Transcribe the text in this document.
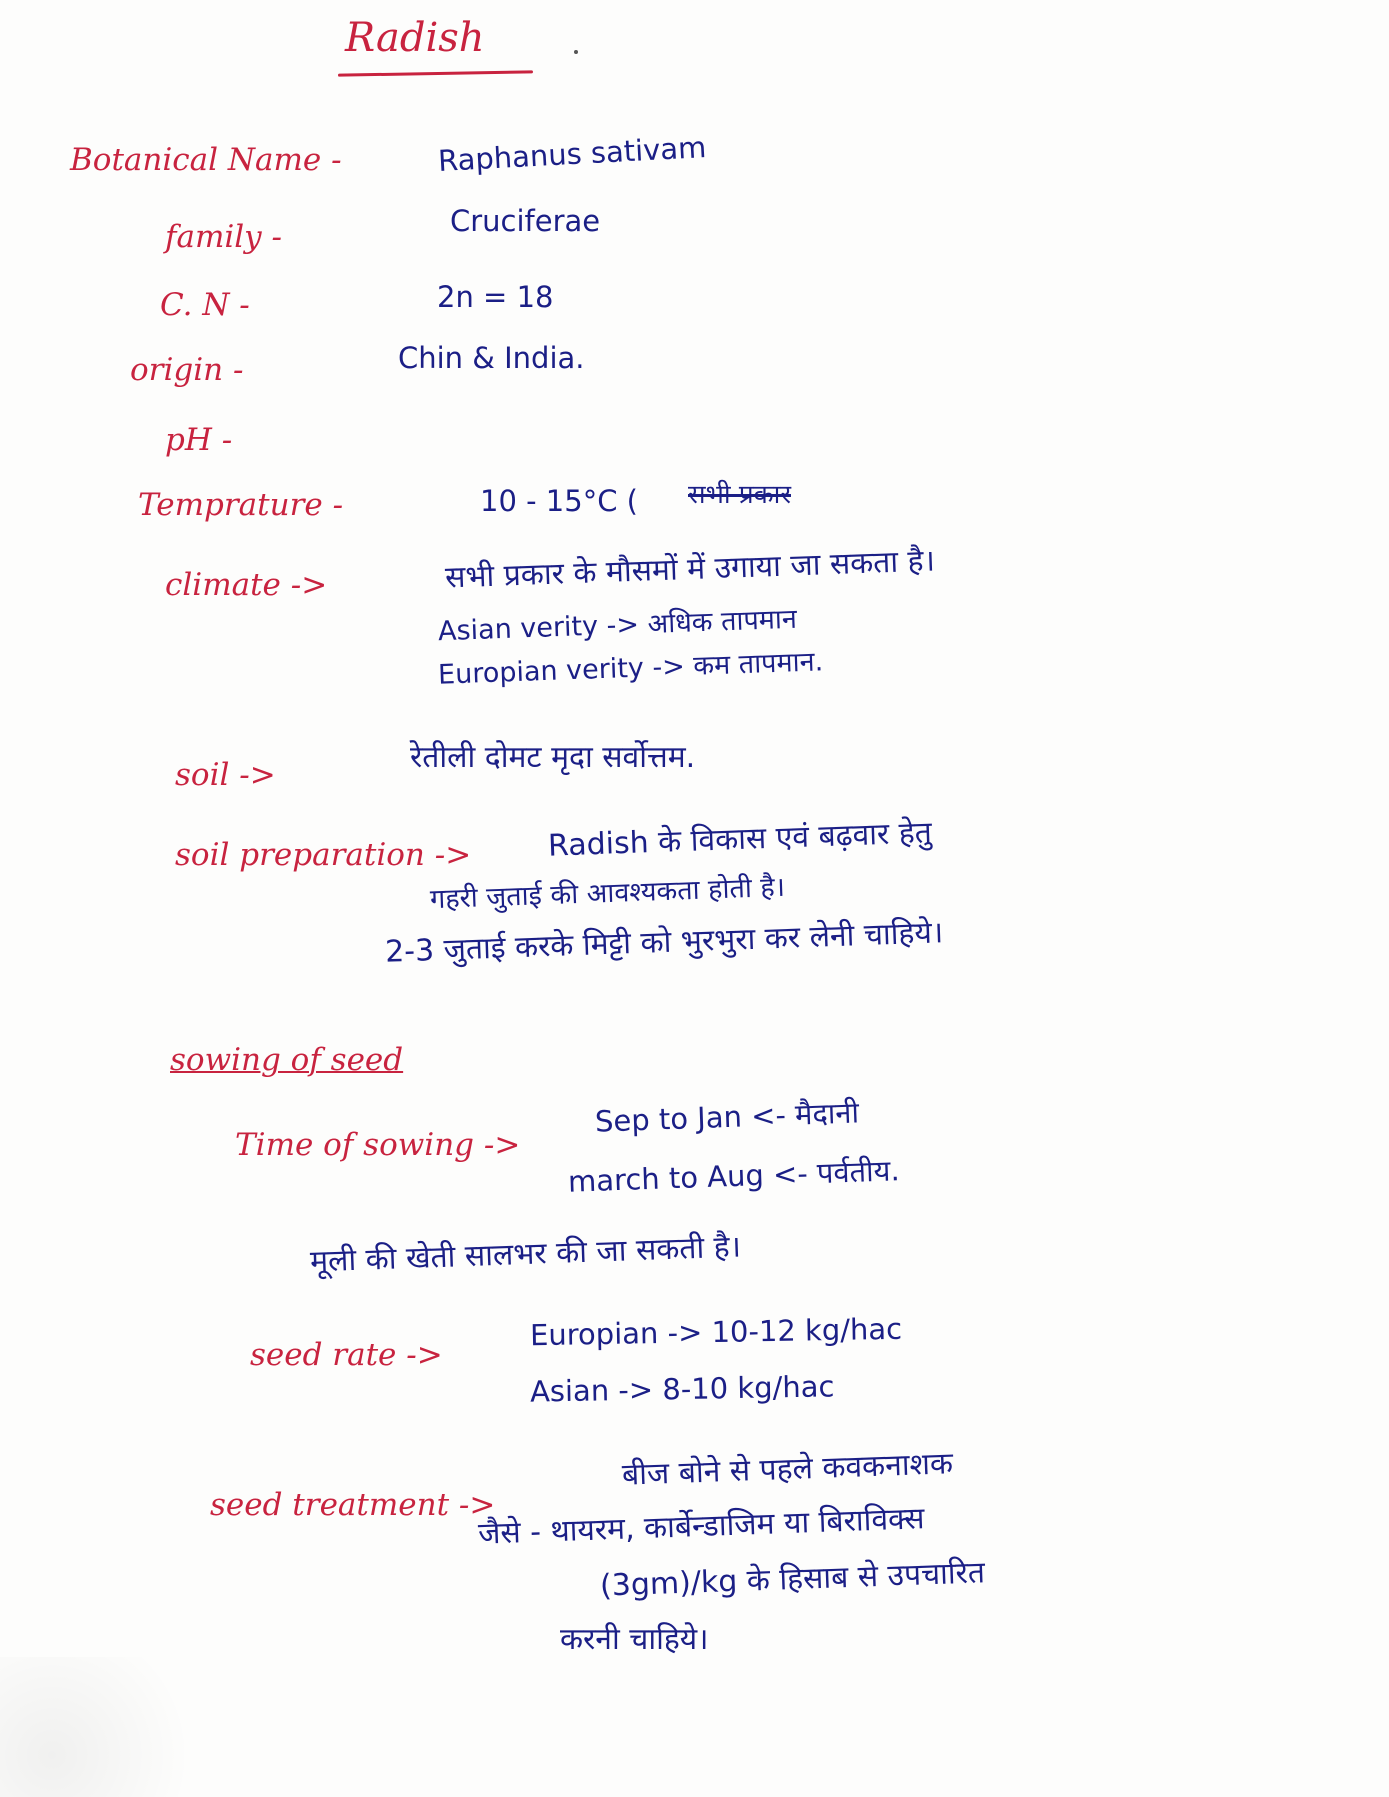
Radish
Botanical Name -	Raphanus sativam
family -	Cruciferae
C. N -	2n = 18
origin -	Chin & India.
pH -
Temprature -	10 - 15°C ( सभी प्रकार
climate ->	सभी प्रकार के मौसमों में उगाया जा सकता है।
Asian verity -> अधिक तापमान
Europian verity -> कम तापमान.
soil ->	रेतीली दोमट मृदा सर्वोत्तम.
soil preparation ->	Radish के विकास एवं बढ़वार हेतु
गहरी जुताई की आवश्यकता होती है।
2-3 जुताई करके मिट्टी को भुरभुरा कर लेनी चाहिये।
sowing of seed
Time of sowing ->
Sep to Jan <- मैदानी
march to Aug <- पर्वतीय.
मूली की खेती सालभर की जा सकती है।
seed rate ->
Europian -> 10-12 kg/hac
Asian -> 8-10 kg/hac
seed treatment ->
बीज बोने से पहले कवकनाशक
जैसे - थायरम, कार्बेन्डाजिम या बिराविक्स
(3gm)/kg के हिसाब से उपचारित
करनी चाहिये।
